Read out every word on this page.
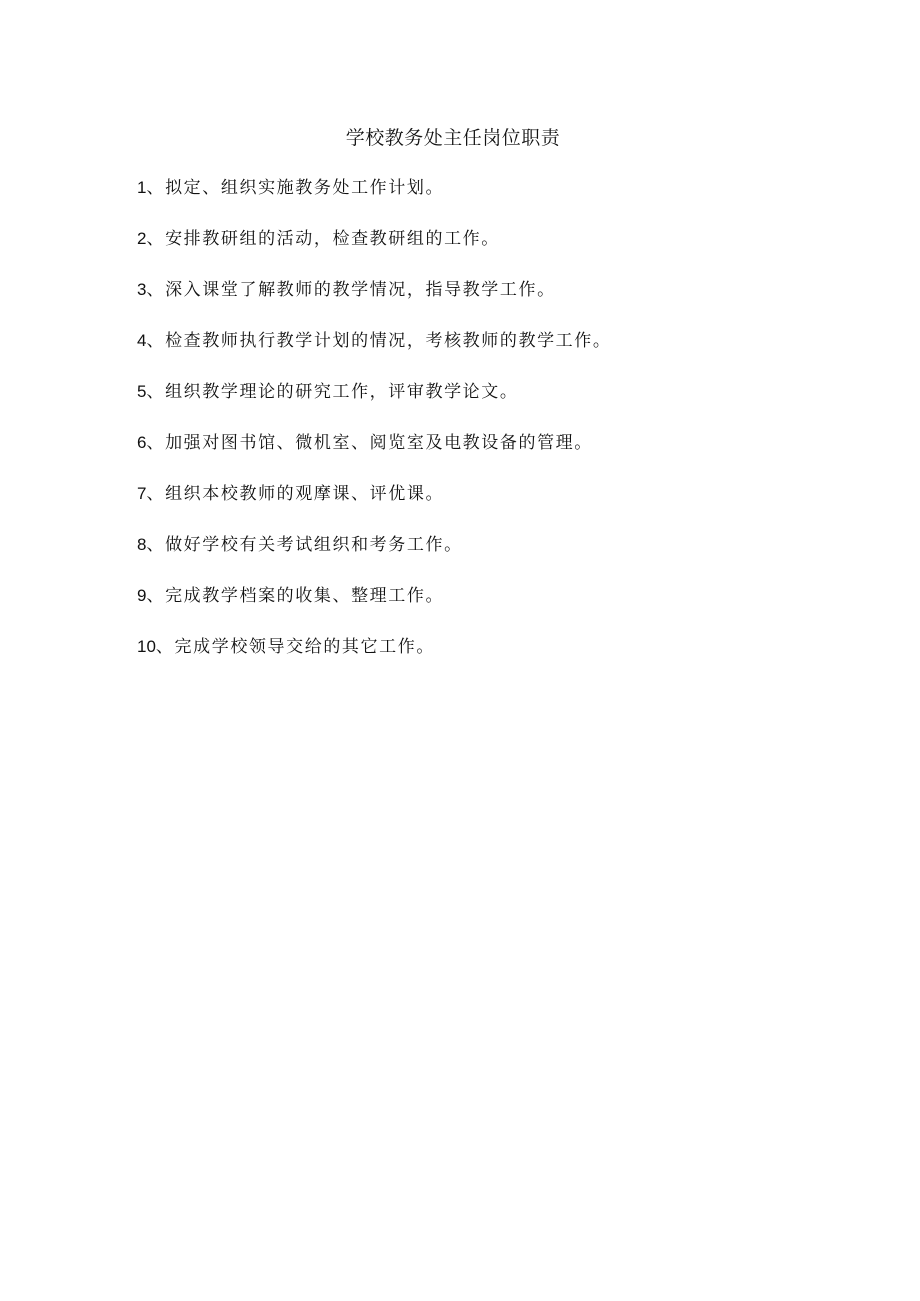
学校教务处主任岗位职责
1、拟定、组织实施教务处工作计划。
2、安排教研组的活动，检查教研组的工作。
3、深入课堂了解教师的教学情况，指导教学工作。
4、检查教师执行教学计划的情况，考核教师的教学工作。
5、组织教学理论的研究工作，评审教学论文。
6、加强对图书馆、微机室、阅览室及电教设备的管理。
7、组织本校教师的观摩课、评优课。
8、做好学校有关考试组织和考务工作。
9、完成教学档案的收集、整理工作。
10、完成学校领导交给的其它工作。
